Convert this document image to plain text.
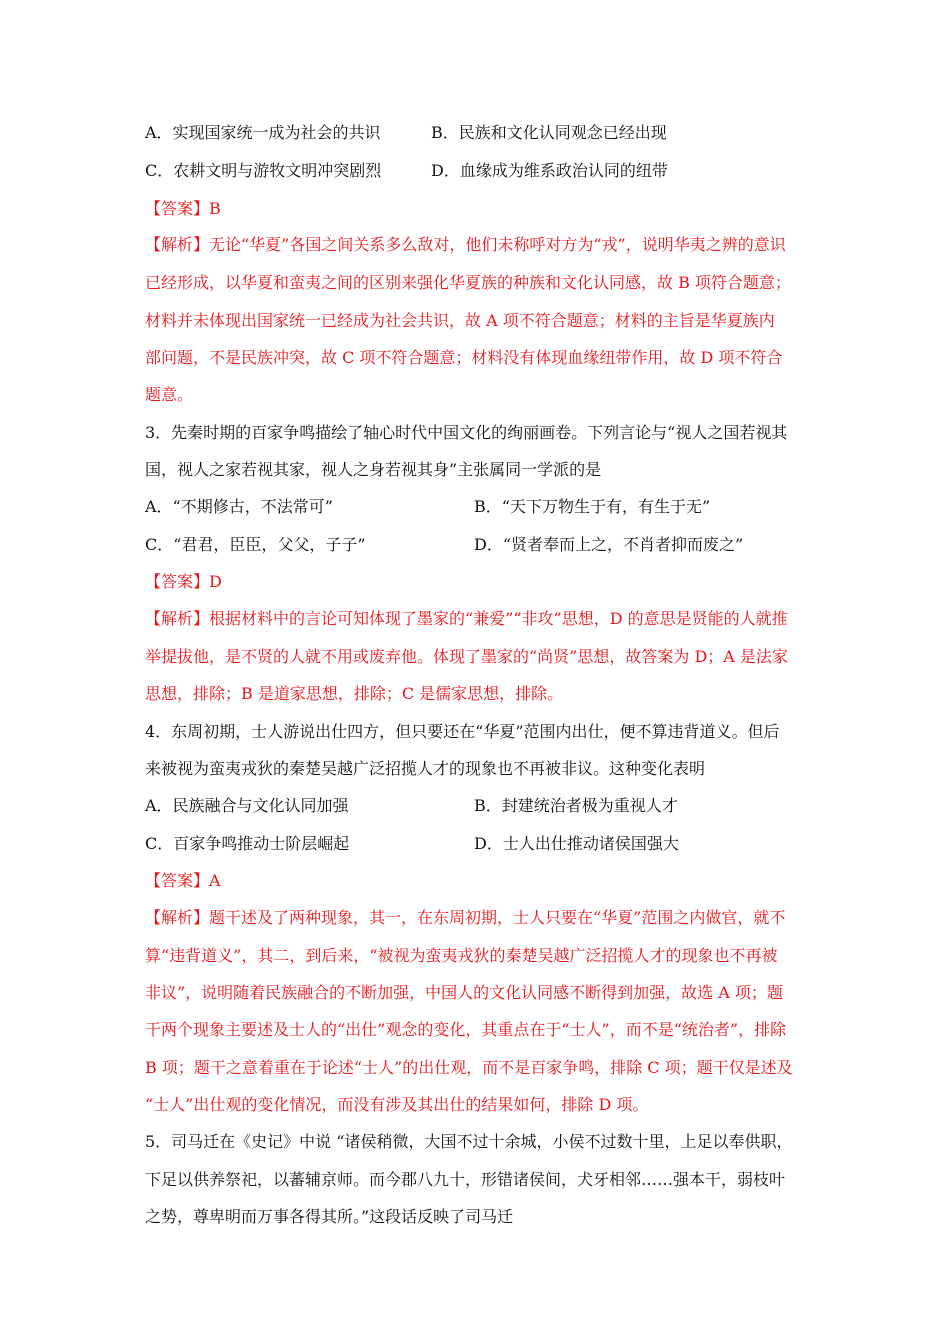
A．实现国家统一成为社会的共识	B．民族和文化认同观念已经出现
C．农耕文明与游牧文明冲突剧烈	D．血缘成为维系政治认同的纽带
【答案】B
【解析】无论“华夏”各国之间关系多么敌对，他们未称呼对方为“戎”，说明华夷之辨的意识
已经形成，以华夏和蛮夷之间的区别来强化华夏族的种族和文化认同感，故 B 项符合题意；
材料并未体现出国家统一已经成为社会共识，故 A 项不符合题意；材料的主旨是华夏族内
部问题，不是民族冲突，故 C 项不符合题意；材料没有体现血缘纽带作用，故 D 项不符合
题意。
3．先秦时期的百家争鸣描绘了轴心时代中国文化的绚丽画卷。下列言论与“视人之国若视其
国，视人之家若视其家，视人之身若视其身”主张属同一学派的是
A．“不期修古，不法常可”	B．“天下万物生于有，有生于无”
C．“君君，臣臣，父父，子子”	D．“贤者奉而上之，不肖者抑而废之”
【答案】D
【解析】根据材料中的言论可知体现了墨家的“兼爱”“非攻”思想，D 的意思是贤能的人就推
举提拔他，是不贤的人就不用或废弃他。体现了墨家的“尚贤”思想，故答案为 D；A 是法家
思想，排除；B 是道家思想，排除；C 是儒家思想，排除。
4．东周初期，士人游说出仕四方，但只要还在“华夏”范围内出仕，便不算违背道义。但后
来被视为蛮夷戎狄的秦楚吴越广泛招揽人才的现象也不再被非议。这种变化表明
A．民族融合与文化认同加强	B．封建统治者极为重视人才
C．百家争鸣推动士阶层崛起	D．士人出仕推动诸侯国强大
【答案】A
【解析】题干述及了两种现象，其一，在东周初期，士人只要在“华夏”范围之内做官，就不
算“违背道义”，其二，到后来，“被视为蛮夷戎狄的秦楚吴越广泛招揽人才的现象也不再被
非议”，说明随着民族融合的不断加强，中国人的文化认同感不断得到加强，故选 A 项；题
干两个现象主要述及士人的“出仕”观念的变化，其重点在于“士人”，而不是“统治者”，排除
B 项；题干之意着重在于论述“士人”的出仕观，而不是百家争鸣，排除 C 项；题干仅是述及
“士人”出仕观的变化情况，而没有涉及其出仕的结果如何，排除 D 项。
5．司马迁在《史记》中说 “诸侯稍微，大国不过十余城，小侯不过数十里，上足以奉供职，
下足以供养祭祀，以蕃辅京师。而今郡八九十，形错诸侯间，犬牙相邻……强本干，弱枝叶
之势，尊卑明而万事各得其所。”这段话反映了司马迁
